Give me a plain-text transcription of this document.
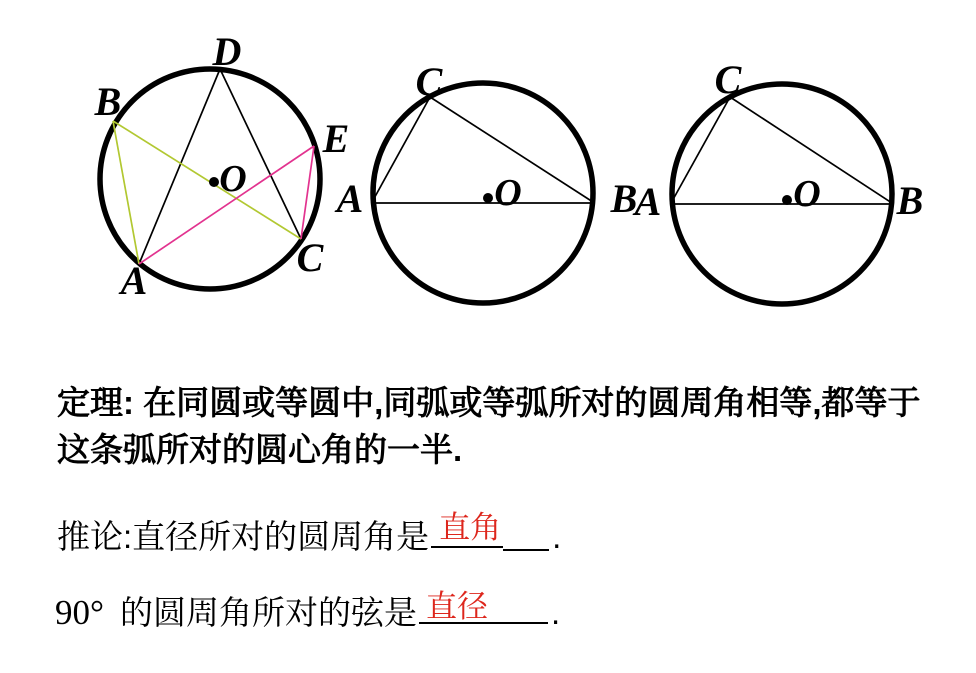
D
B
E
O
C
A
C
A	O B
C
A	O B
定理: 在同圆或等圆中,同弧或等弧所对的圆周角相等,都等于
这条弧所对的圆心角的一半.
推论:直径所对的圆周角是 直角 .
90° 的圆周角所对的弦是 直径 .
